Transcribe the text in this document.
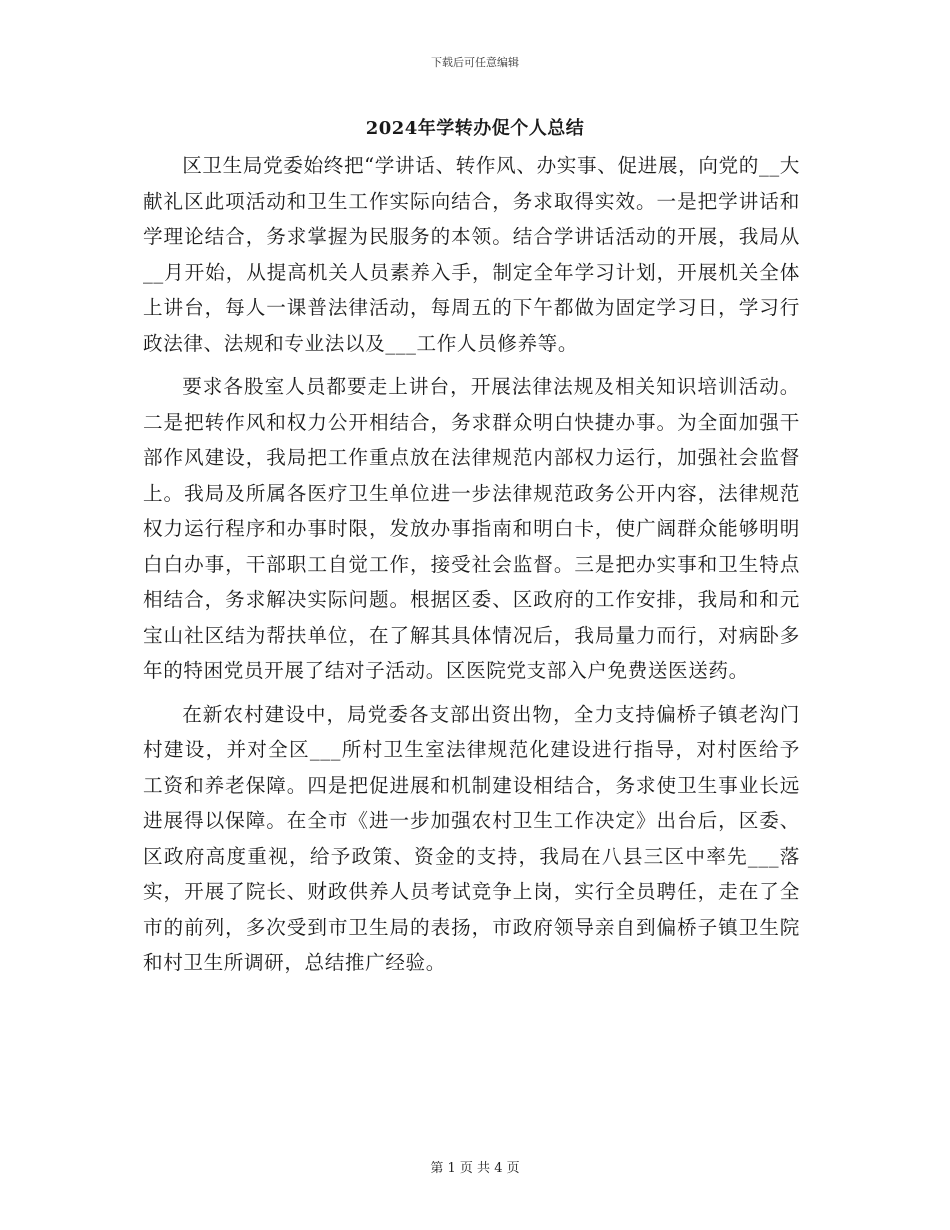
下载后可任意编辑
2024年学转办促个人总结

区卫生局党委始终把“学讲话、转作风、办实事、促进展，向党的__大献礼区此项活动和卫生工作实际向结合，务求取得实效。一是把学讲话和学理论结合，务求掌握为民服务的本领。结合学讲话活动的开展，我局从__月开始，从提高机关人员素养入手，制定全年学习计划，开展机关全体上讲台，每人一课普法律活动，每周五的下午都做为固定学习日，学习行政法律、法规和专业法以及___工作人员修养等。

要求各股室人员都要走上讲台，开展法律法规及相关知识培训活动。二是把转作风和权力公开相结合，务求群众明白快捷办事。为全面加强干部作风建设，我局把工作重点放在法律规范内部权力运行，加强社会监督上。我局及所属各医疗卫生单位进一步法律规范政务公开内容，法律规范权力运行程序和办事时限，发放办事指南和明白卡，使广阔群众能够明明白白办事，干部职工自觉工作，接受社会监督。三是把办实事和卫生特点相结合，务求解决实际问题。根据区委、区政府的工作安排，我局和和元宝山社区结为帮扶单位，在了解其具体情况后，我局量力而行，对病卧多年的特困党员开展了结对子活动。区医院党支部入户免费送医送药。

在新农村建设中，局党委各支部出资出物，全力支持偏桥子镇老沟门村建设，并对全区___所村卫生室法律规范化建设进行指导，对村医给予工资和养老保障。四是把促进展和机制建设相结合，务求使卫生事业长远进展得以保障。在全市《进一步加强农村卫生工作决定》出台后，区委、区政府高度重视，给予政策、资金的支持，我局在八县三区中率先___落实，开展了院长、财政供养人员考试竞争上岗，实行全员聘任，走在了全市的前列，多次受到市卫生局的表扬，市政府领导亲自到偏桥子镇卫生院和村卫生所调研，总结推广经验。

第 1 页 共 4 页
